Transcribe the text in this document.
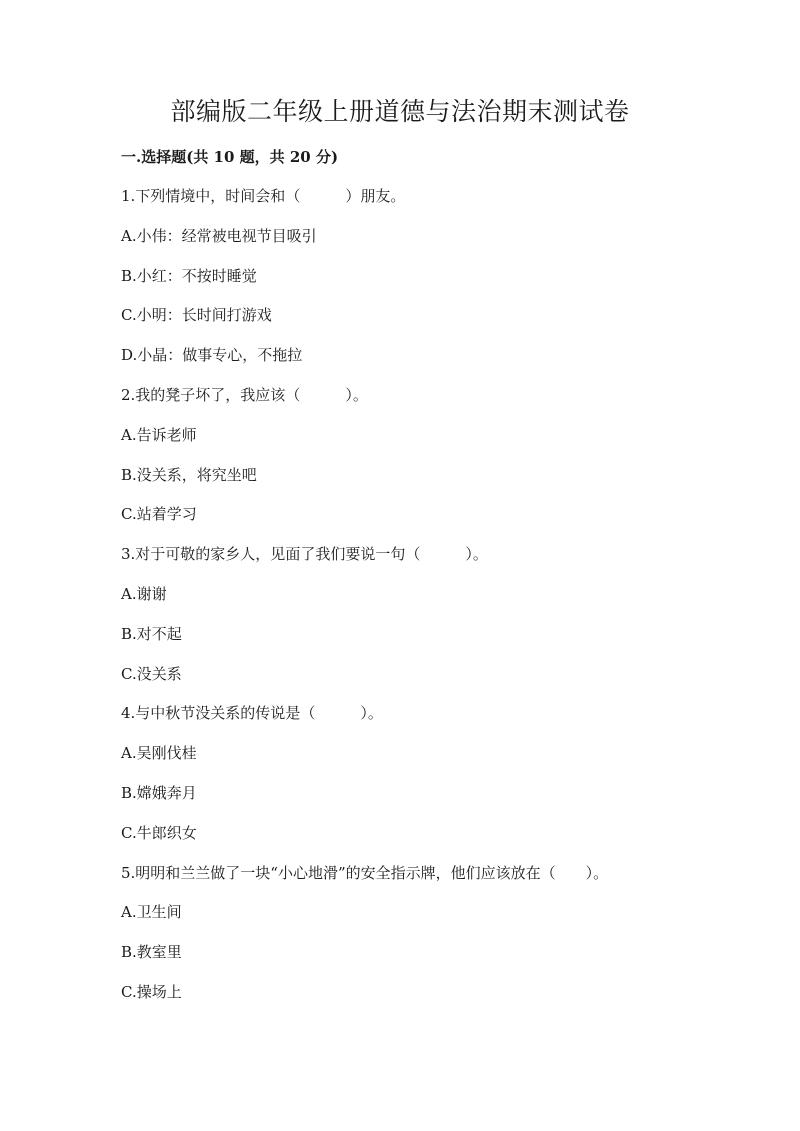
部编版二年级上册道德与法治期末测试卷
一.选择题(共 10 题，共 20 分)
1.下列情境中，时间会和（　　　）朋友。
A.小伟：经常被电视节目吸引
B.小红：不按时睡觉
C.小明：长时间打游戏
D.小晶：做事专心，不拖拉
2.我的凳子坏了，我应该（　　　）。
A.告诉老师
B.没关系，将究坐吧
C.站着学习
3.对于可敬的家乡人，见面了我们要说一句（　　　）。
A.谢谢
B.对不起
C.没关系
4.与中秋节没关系的传说是（　　　）。
A.吴刚伐桂
B.嫦娥奔月
C.牛郎织女
5.明明和兰兰做了一块“小心地滑”的安全指示牌，他们应该放在（　　）。
A.卫生间
B.教室里
C.操场上
